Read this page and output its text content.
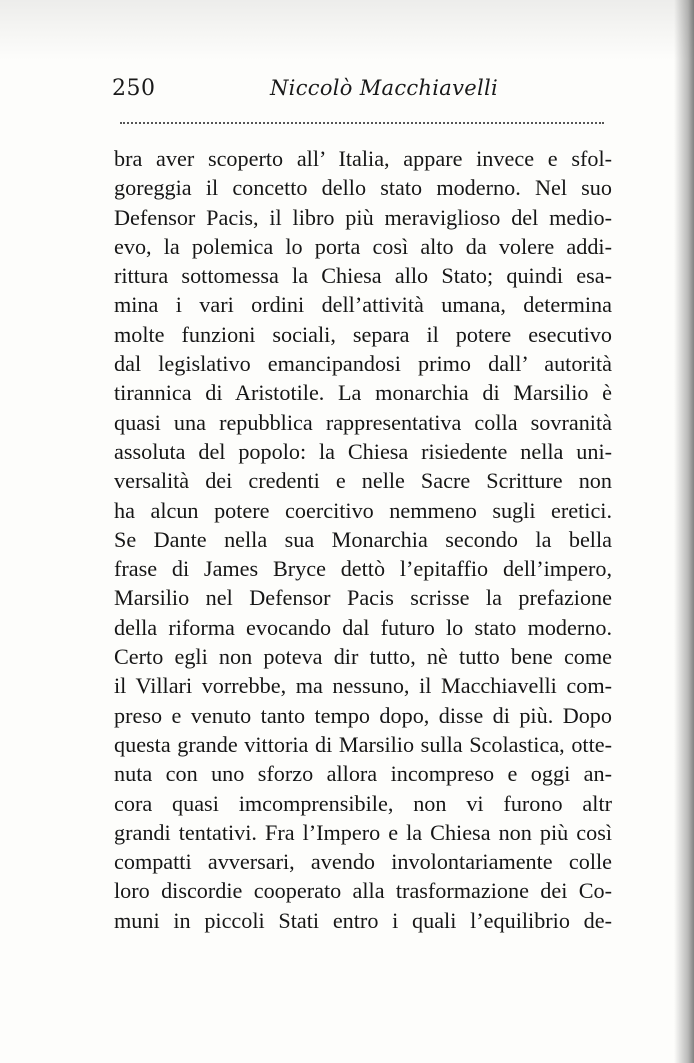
250	Niccolò Macchiavelli
bra aver scoperto all’ Italia, appare invece e sfol-
goreggia il concetto dello stato moderno. Nel suo
Defensor Pacis, il libro più meraviglioso del medio-
evo, la polemica lo porta così alto da volere addi-
rittura sottomessa la Chiesa allo Stato; quindi esa-
mina i vari ordini dell’attività umana, determina
molte funzioni sociali, separa il potere esecutivo
dal legislativo emancipandosi primo dall’ autorità
tirannica di Aristotile. La monarchia di Marsilio è
quasi una repubblica rappresentativa colla sovranità
assoluta del popolo: la Chiesa risiedente nella uni-
versalità dei credenti e nelle Sacre Scritture non
ha alcun potere coercitivo nemmeno sugli eretici.
Se Dante nella sua Monarchia secondo la bella
frase di James Bryce dettò l’epitaffio dell’impero,
Marsilio nel Defensor Pacis scrisse la prefazione
della riforma evocando dal futuro lo stato moderno.
Certo egli non poteva dir tutto, nè tutto bene come
il Villari vorrebbe, ma nessuno, il Macchiavelli com-
preso e venuto tanto tempo dopo, disse di più. Dopo
questa grande vittoria di Marsilio sulla Scolastica, otte-
nuta con uno sforzo allora incompreso e oggi an-
cora quasi imcomprensibile, non vi furono altr
grandi tentativi. Fra l’Impero e la Chiesa non più così
compatti avversari, avendo involontariamente colle
loro discordie cooperato alla trasformazione dei Co-
muni in piccoli Stati entro i quali l’equilibrio de-
